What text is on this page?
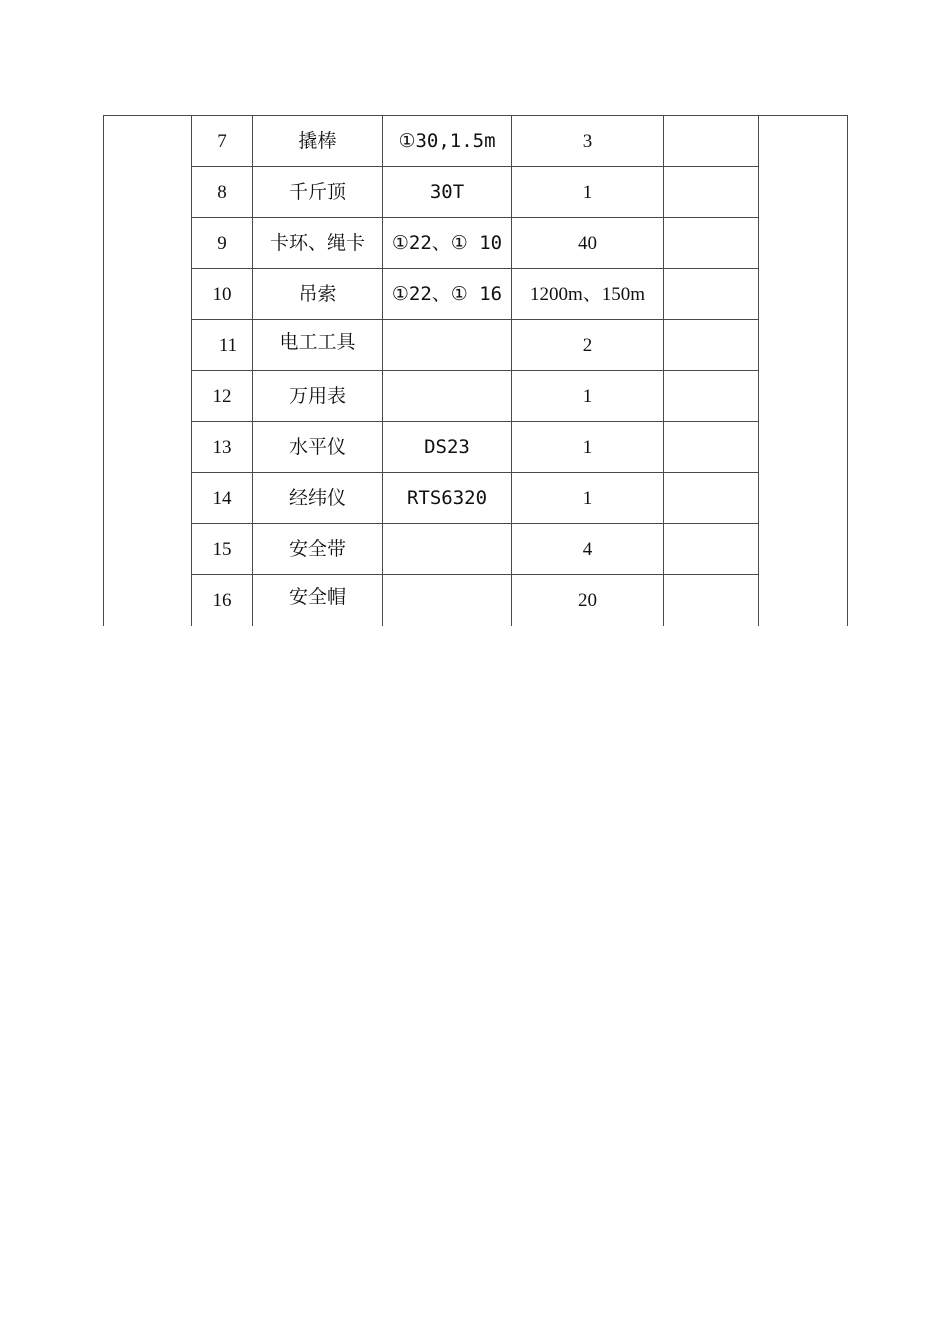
	7	撬棒	①30,1.5m	3		
	8	千斤顶	30T	1		
	9	卡环、绳卡	①22、① 10	40		
	10	吊索	①22、① 16	1200m、150m		
	11	电工工具		2		
	12	万用表		1		
	13	水平仪	DS23	1		
	14	经纬仪	RTS6320	1		
	15	安全带		4		
	16	安全帽		20		
